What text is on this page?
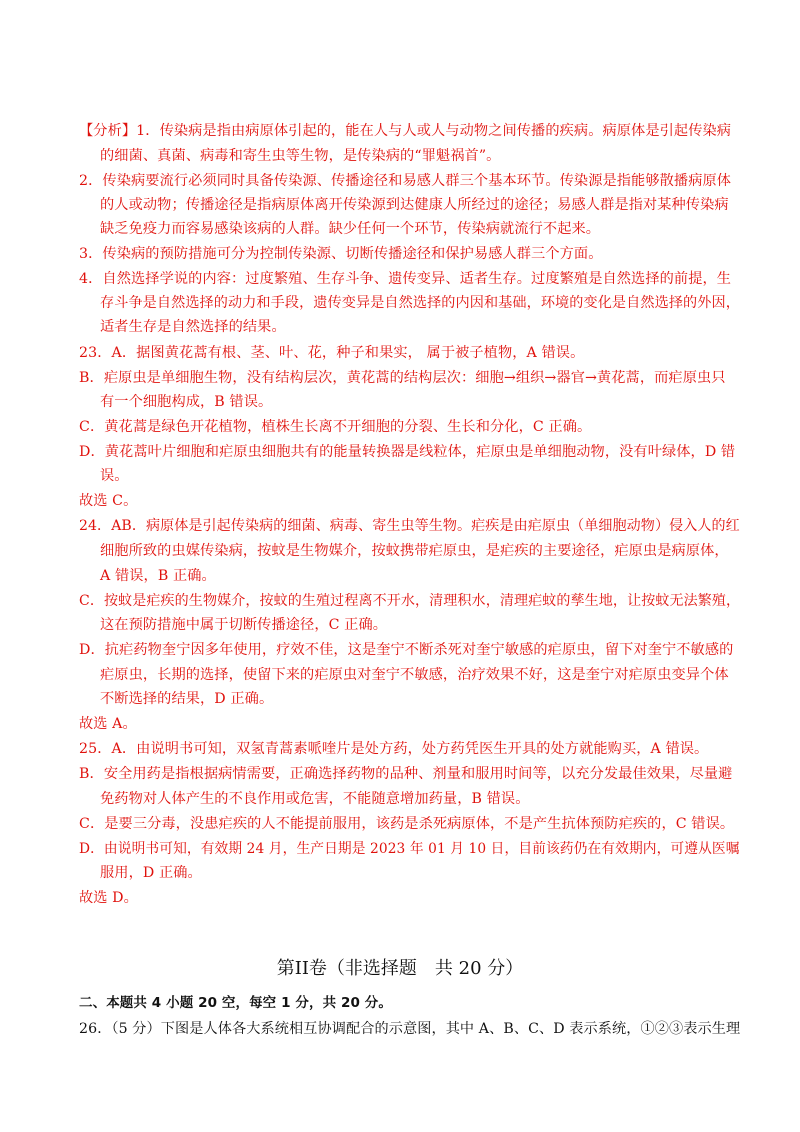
【分析】1．传染病是指由病原体引起的，能在人与人或人与动物之间传播的疾病。病原体是引起传染病
的细菌、真菌、病毒和寄生虫等生物，是传染病的“罪魁祸首”。
2．传染病要流行必须同时具备传染源、传播途径和易感人群三个基本环节。传染源是指能够散播病原体
的人或动物；传播途径是指病原体离开传染源到达健康人所经过的途径；易感人群是指对某种传染病
缺乏免疫力而容易感染该病的人群。缺少任何一个环节，传染病就流行不起来。
3．传染病的预防措施可分为控制传染源、切断传播途径和保护易感人群三个方面。
4．自然选择学说的内容：过度繁殖、生存斗争、遗传变异、适者生存。过度繁殖是自然选择的前提，生
存斗争是自然选择的动力和手段，遗传变异是自然选择的内因和基础，环境的变化是自然选择的外因，
适者生存是自然选择的结果。
23．A．据图黄花蒿有根、茎、叶、花，种子和果实， 属于被子植物，A 错误。
B．疟原虫是单细胞生物，没有结构层次，黄花蒿的结构层次：细胞→组织→器官→黄花蒿，而疟原虫只
有一个细胞构成，B 错误。
C．黄花蒿是绿色开花植物，植株生长离不开细胞的分裂、生长和分化，C 正确。
D．黄花蒿叶片细胞和疟原虫细胞共有的能量转换器是线粒体，疟原虫是单细胞动物，没有叶绿体，D 错
误。
故选 C。
24．AB．病原体是引起传染病的细菌、病毒、寄生虫等生物。疟疾是由疟原虫（单细胞动物）侵入人的红
细胞所致的虫媒传染病，按蚊是生物媒介，按蚊携带疟原虫，是疟疾的主要途径，疟原虫是病原体，
A 错误，B 正确。
C．按蚊是疟疾的生物媒介，按蚊的生殖过程离不开水，清理积水，清理疟蚊的孳生地，让按蚊无法繁殖，
这在预防措施中属于切断传播途径，C 正确。
D．抗疟药物奎宁因多年使用，疗效不佳，这是奎宁不断杀死对奎宁敏感的疟原虫，留下对奎宁不敏感的
疟原虫，长期的选择，使留下来的疟原虫对奎宁不敏感，治疗效果不好，这是奎宁对疟原虫变异个体
不断选择的结果，D 正确。
故选 A。
25．A．由说明书可知，双氢青蒿素哌喹片是处方药，处方药凭医生开具的处方就能购买，A 错误。
B．安全用药是指根据病情需要，正确选择药物的品种、剂量和服用时间等，以充分发最佳效果，尽量避
免药物对人体产生的不良作用或危害，不能随意增加药量，B 错误。
C．是要三分毒，没患疟疾的人不能提前服用，该药是杀死病原体，不是产生抗体预防疟疾的，C 错误。
D．由说明书可知，有效期 24 月，生产日期是 2023 年 01 月 10 日，目前该药仍在有效期内，可遵从医嘱
服用，D 正确。
故选 D。
第II卷（非选择题　共 20 分）
二、本题共 4 小题 20 空，每空 1 分，共 20 分。
26．（5 分）下图是人体各大系统相互协调配合的示意图，其中 A、B、C、D 表示系统，①②③表示生理
